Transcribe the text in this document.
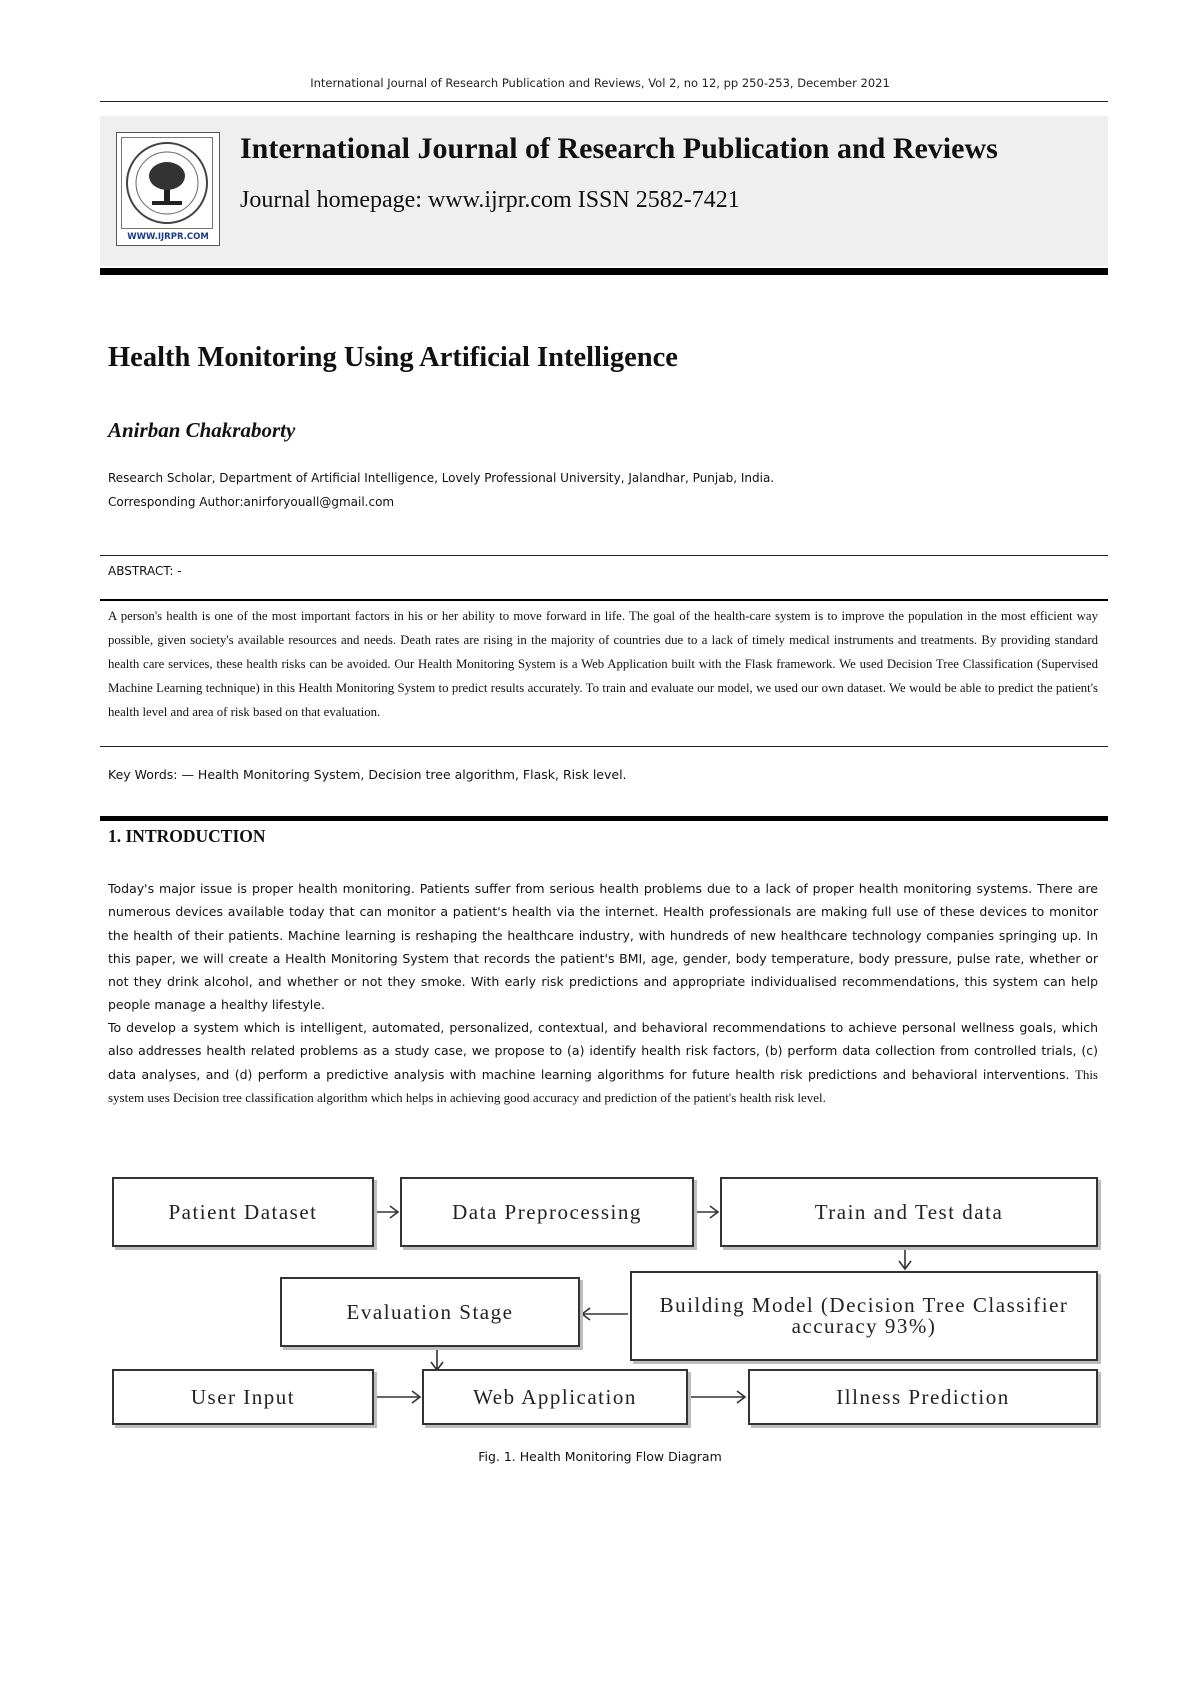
International Journal of Research Publication and Reviews, Vol 2, no 12, pp 250-253, December 2021
WWW.IJRPR.COM
International Journal of Research Publication and Reviews
Journal homepage: www.ijrpr.com ISSN 2582-7421
Health Monitoring Using Artificial Intelligence
Anirban Chakraborty
Research Scholar, Department of Artificial Intelligence, Lovely Professional University, Jalandhar, Punjab, India.
Corresponding Author:anirforyouall@gmail.com
ABSTRACT: -

A person's health is one of the most important factors in his or her ability to move forward in life. The goal of the health-care system is to improve the population in the most efficient way possible, given society's available resources and needs. Death rates are rising in the majority of countries due to a lack of timely medical instruments and treatments. By providing standard health care services, these health risks can be avoided. Our Health Monitoring System is a Web Application built with the Flask framework. We used Decision Tree Classification (Supervised Machine Learning technique) in this Health Monitoring System to predict results accurately. To train and evaluate our model, we used our own dataset. We would be able to predict the patient's health level and area of risk based on that evaluation.

Key Words: — Health Monitoring System, Decision tree algorithm, Flask, Risk level.
1. INTRODUCTION

Today's major issue is proper health monitoring. Patients suffer from serious health problems due to a lack of proper health monitoring systems. There are numerous devices available today that can monitor a patient's health via the internet. Health professionals are making full use of these devices to monitor the health of their patients. Machine learning is reshaping the healthcare industry, with hundreds of new healthcare technology companies springing up. In this paper, we will create a Health Monitoring System that records the patient's BMI, age, gender, body temperature, body pressure, pulse rate, whether or not they drink alcohol, and whether or not they smoke. With early risk predictions and appropriate individualised recommendations, this system can help people manage a healthy lifestyle.

To develop a system which is intelligent, automated, personalized, contextual, and behavioral recommendations to achieve personal wellness goals, which also addresses health related problems as a study case, we propose to (a) identify health risk factors, (b) perform data collection from controlled trials, (c) data analyses, and (d) perform a predictive analysis with machine learning algorithms for future health risk predictions and behavioral interventions. This system uses Decision tree classification algorithm which helps in achieving good accuracy and prediction of the patient's health risk level.

Patient Dataset	Data Preprocessing	Train and Test data
Evaluation Stage	Building Model (Decision Tree Classifier accuracy 93%)
User Input	Web Application	Illness Prediction
Fig. 1. Health Monitoring Flow Diagram
